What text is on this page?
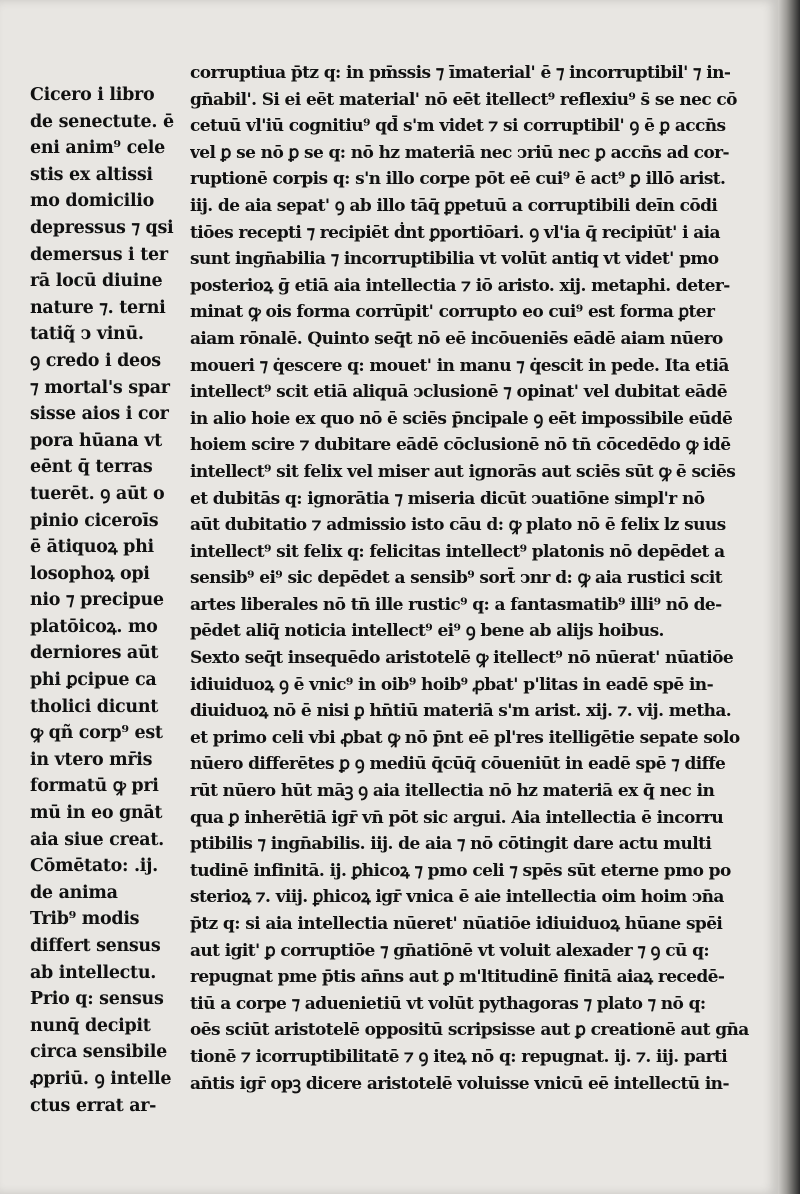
Cicero i libro
de senectute. ē
eni anim⁹ cele
stis ex altissi
mo domicilio
depressus ⁊ qsi
demersus i ter
rā locū diuine
nature ⁊. terni
tatiq̃ ↄ vinū.
ꝯ credo i deos
⁊ mortal's spar
sisse aios i cor
pora hūana vt
eēnt q̄ terras
tuerēt. ꝯ aūt o
pinio ciceroīs
ē ātiquoꝝ phi
losophoꝝ opi
nio ⁊ precipue
platōicoꝝ. mo
derniores aūt
phi ꝑcipue ca
tholici dicunt
ꝙ qñ corp⁹ est
in vtero mr̄is
formatū ꝙ pri
mū in eo gnāt
aia siue creat.
Cōmētato: .ij.
de anima
Trib⁹ modis
differt sensus
ab intellectu.
Prio q: sensus
nunq̄ decipit
circa sensibile
ꝓpriū. ꝯ intelle
ctus errat ar-
corruptiua p̄tz q: in pm̄ssis ⁊ īmaterial' ē ⁊ incorruptibil' ⁊ in-
gn̄abil'. Si ei eēt material' nō eēt itellect⁹ reflexiu⁹ s̄ se nec cō
cetuū vl'iū cognitiu⁹ qd̄ s'm videt ⁊ si corruptibil' ꝯ ē ꝑ accn̄s
vel ꝑ se nō ꝑ se q: nō hz materiā nec ↄriū nec ꝑ accn̄s ad cor-
ruptionē corpis q: s'n illo corpe pōt eē cui⁹ ē act⁹ ꝑ illō arist.
iij. de aia sepat' ꝯ ab illo tāq̄ ꝑpetuū a corruptibili deīn cōdi
tiōes recepti ⁊ recipiēt ḋnt ꝑportiōari. ꝯ vl'ia q̄ recipiūt' i aia
sunt ingn̄abilia ⁊ incorruptibilia vt volūt antiq vt videt' pmo
posterioꝝ ḡ etiā aia intellectia ⁊ iō aristo. xij. metaphi. deter-
minat ꝙ ois forma corrūpit' corrupto eo cui⁹ est forma ꝑter
aiam rōnalē. Quinto seq̄t nō eē incōueniēs eādē aiam nūero
moueri ⁊ q̇escere q: mouet' in manu ⁊ q̇escit in pede. Ita etiā
intellect⁹ scit etiā aliquā ↄclusionē ⁊ opinat' vel dubitat eādē
in alio hoie ex quo nō ē sciēs p̄ncipale ꝯ eēt impossibile eūdē
hoiem scire ⁊ dubitare eādē cōclusionē nō tn̄ cōcedēdo ꝙ idē
intellect⁹ sit felix vel miser aut ignorās aut sciēs sūt ꝙ ē sciēs
et dubitās q: ignorātia ⁊ miseria dicūt ↄuatiōne simpl'r nō
aūt dubitatio ⁊ admissio isto cāu d: ꝙ plato nō ē felix lz suus
intellect⁹ sit felix q: felicitas intellect⁹ platonis nō depēdet a
sensib⁹ ei⁹ sic depēdet a sensib⁹ sort̄ ↄnr d: ꝙ aia rustici scit
artes liberales nō tn̄ ille rustic⁹ q: a fantasmatib⁹ illi⁹ nō de-
pēdet aliq̄ noticia intellect⁹ ei⁹ ꝯ bene ab alijs hoibus.
Sexto seq̄t insequēdo aristotelē ꝙ itellect⁹ nō nūerat' nūatiōe
idiuiduoꝝ ꝯ ē vnic⁹ in oib⁹ hoib⁹ ꝓbat' p'litas in eadē spē in-
diuiduoꝝ nō ē nisi ꝑ hn̄tiū materiā s'm arist. xij. ⁊. vij. metha.
et primo celi vbi ꝓbat ꝙ nō p̄nt eē pl'res itelligētie sepate solo
nūero differētes ꝑ ꝯ mediū q̄cūq̄ cōueniūt in eadē spē ⁊ diffe
rūt nūero hūt māꝫ ꝯ aia itellectia nō hz materiā ex q̄ nec in
qua ꝑ inherētiā igr̄ vn̄ pōt sic argui. Aia intellectia ē incorru
ptibilis ⁊ ingn̄abilis. iij. de aia ⁊ nō cōtingit dare actu multi
tudinē infinitā. ij. ꝑhicoꝝ ⁊ pmo celi ⁊ spēs sūt eterne pmo po
sterioꝝ ⁊. viij. ꝑhicoꝝ igr̄ vnica ē aie intellectia oim hoim ↄn̄a
p̄tz q: si aia intellectia nūeret' nūatiōe idiuiduoꝝ hūane spēi
aut igit' ꝑ corruptiōe ⁊ gn̄atiōnē vt voluit alexader ⁊ ꝯ cū q:
repugnat pme p̄tis an̄ns aut ꝑ m'ltitudinē finitā aiaꝝ recedē-
tiū a corpe ⁊ aduenietiū vt volūt pythagoras ⁊ plato ⁊ nō q:
oēs sciūt aristotelē oppositū scripsisse aut ꝑ creationē aut gn̄a
tionē ⁊ icorruptibilitatē ⁊ ꝯ iteꝝ nō q: repugnat. ij. ⁊. iij. parti
an̄tis igr̄ opꝫ dicere aristotelē voluisse vnicū eē intellectū in-
